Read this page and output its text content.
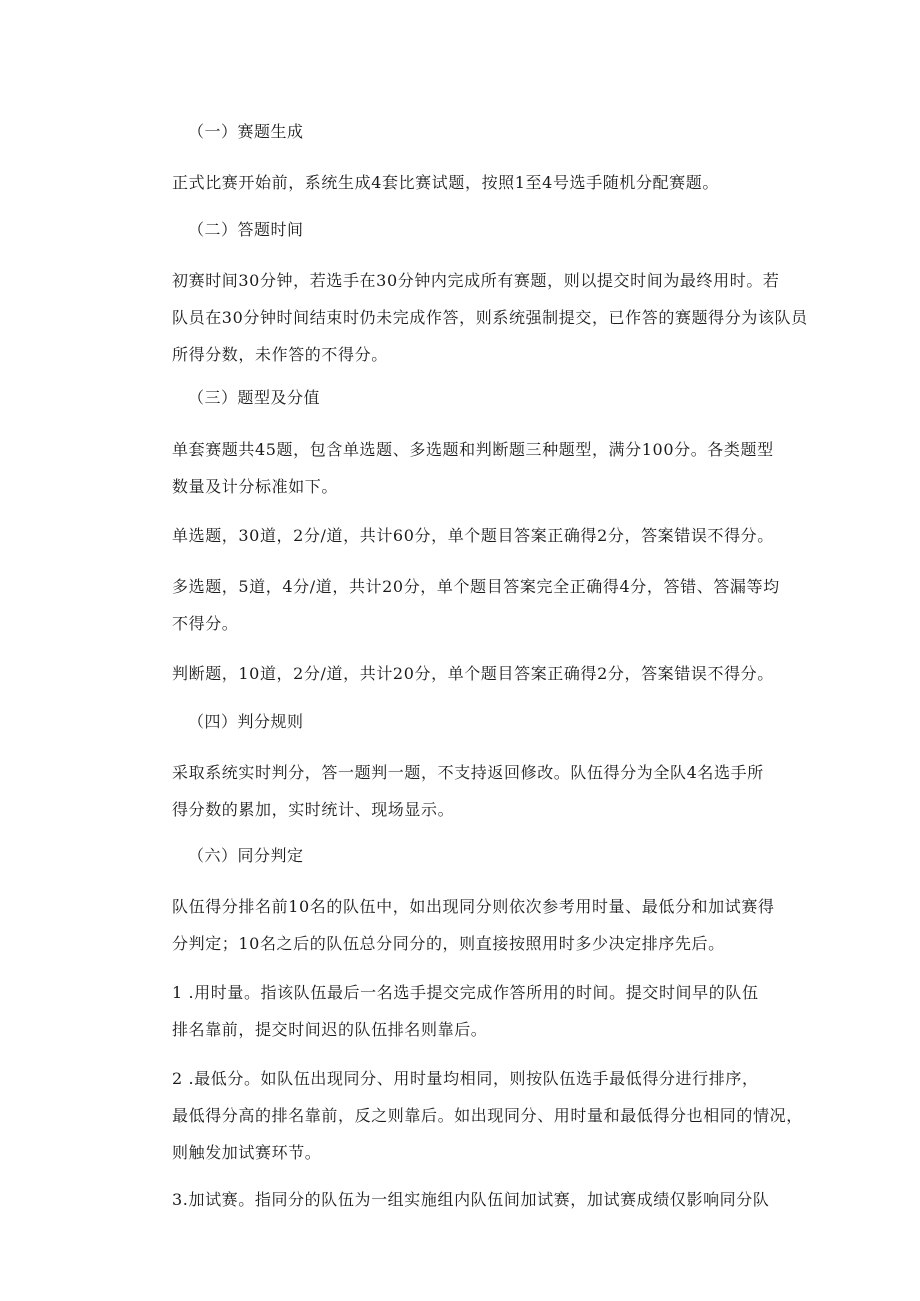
（一）赛题生成
正式比赛开始前，系统生成4套比赛试题，按照1至4号选手随机分配赛题。
（二）答题时间
初赛时间30分钟，若选手在30分钟内完成所有赛题，则以提交时间为最终用时。若
队员在30分钟时间结束时仍未完成作答，则系统强制提交，已作答的赛题得分为该队员
所得分数，未作答的不得分。
（三）题型及分值
单套赛题共45题，包含单选题、多选题和判断题三种题型，满分100分。各类题型
数量及计分标准如下。
单选题，30道，2分/道，共计60分，单个题目答案正确得2分，答案错误不得分。
多选题，5道，4分/道，共计20分，单个题目答案完全正确得4分，答错、答漏等均
不得分。
判断题，10道，2分/道，共计20分，单个题目答案正确得2分，答案错误不得分。
（四）判分规则
采取系统实时判分，答一题判一题，不支持返回修改。队伍得分为全队4名选手所
得分数的累加，实时统计、现场显示。
（六）同分判定
队伍得分排名前10名的队伍中，如出现同分则依次参考用时量、最低分和加试赛得
分判定；10名之后的队伍总分同分的，则直接按照用时多少决定排序先后。
1 .用时量。指该队伍最后一名选手提交完成作答所用的时间。提交时间早的队伍
排名靠前，提交时间迟的队伍排名则靠后。
2 .最低分。如队伍出现同分、用时量均相同，则按队伍选手最低得分进行排序，
最低得分高的排名靠前，反之则靠后。如出现同分、用时量和最低得分也相同的情况，
则触发加试赛环节。
3.加试赛。指同分的队伍为一组实施组内队伍间加试赛，加试赛成绩仅影响同分队
